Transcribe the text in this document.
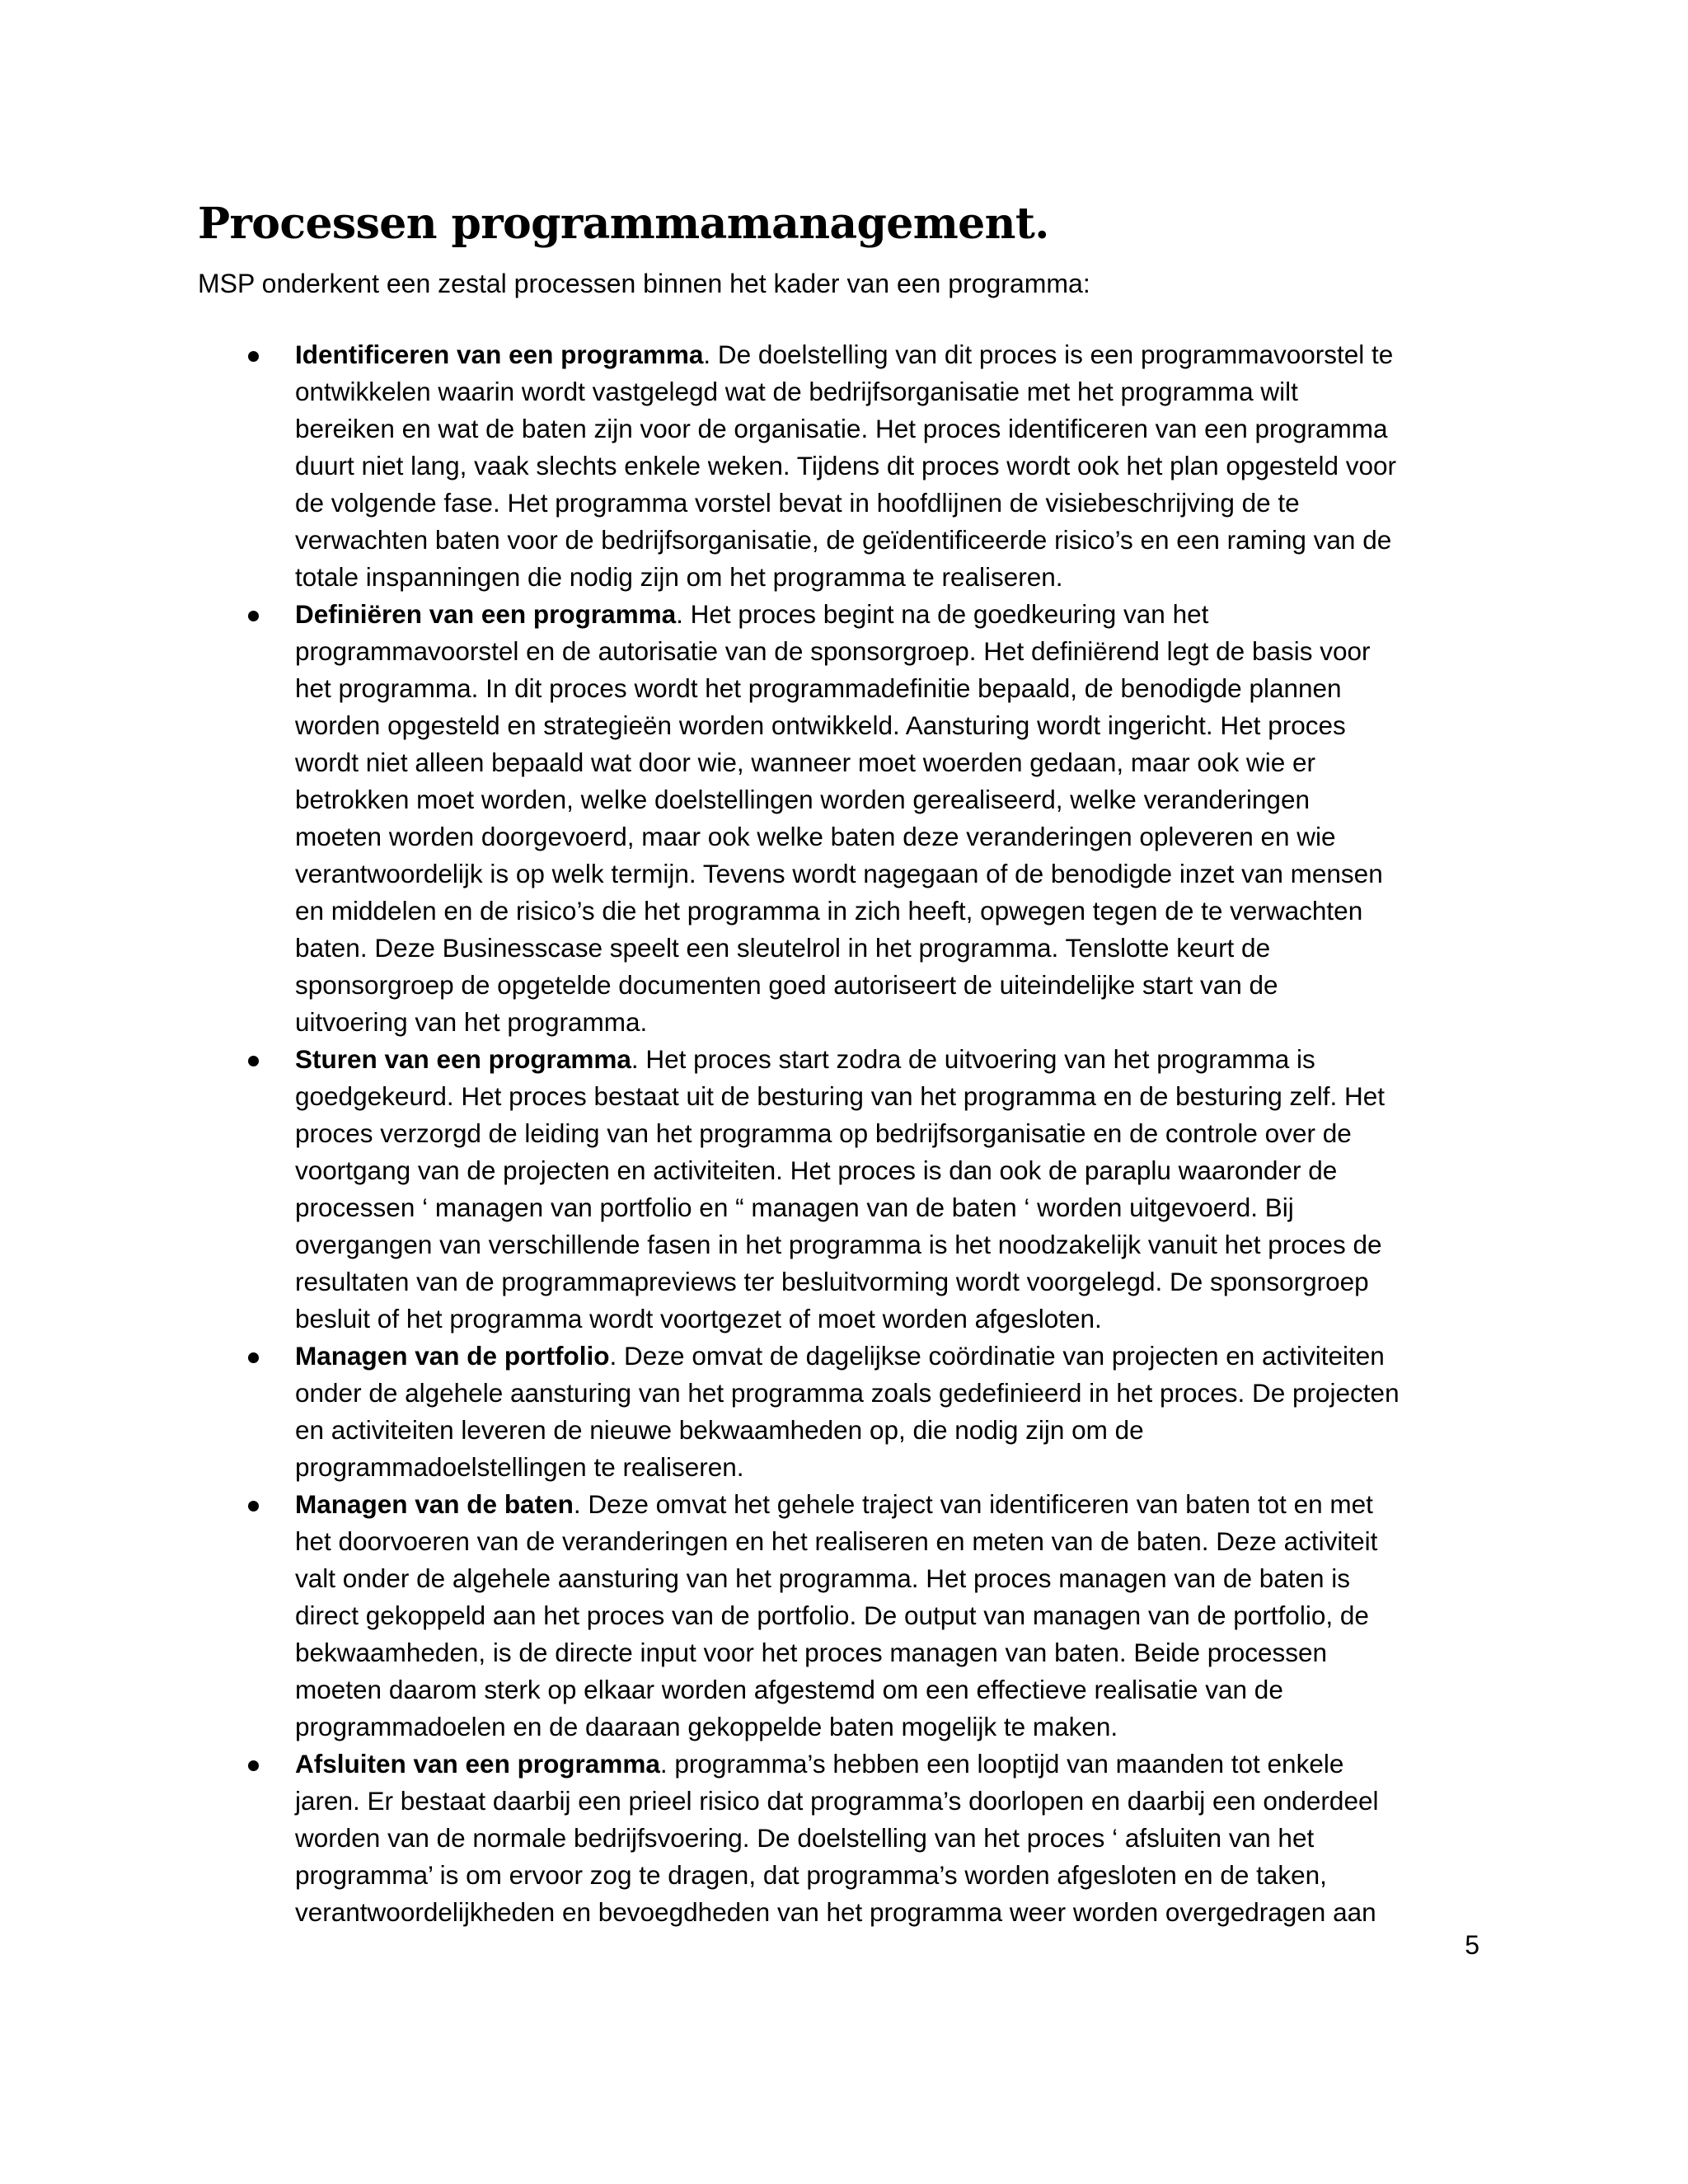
Processen programmamanagement.

MSP onderkent een zestal processen binnen het kader van een programma:

Identificeren van een programma. De doelstelling van dit proces is een programmavoorstel te
ontwikkelen waarin wordt vastgelegd wat de bedrijfsorganisatie met het programma wilt
bereiken en wat de baten zijn voor de organisatie. Het proces identificeren van een programma
duurt niet lang, vaak slechts enkele weken. Tijdens dit proces wordt ook het plan opgesteld voor
de volgende fase. Het programma vorstel bevat in hoofdlijnen de visiebeschrijving de te
verwachten baten voor de bedrijfsorganisatie, de geïdentificeerde risico’s en een raming van de
totale inspanningen die nodig zijn om het programma te realiseren.
Definiëren van een programma. Het proces begint na de goedkeuring van het
programmavoorstel en de autorisatie van de sponsorgroep. Het definiërend legt de basis voor
het programma. In dit proces wordt het programmadefinitie bepaald, de benodigde plannen
worden opgesteld en strategieën worden ontwikkeld. Aansturing wordt ingericht. Het proces
wordt niet alleen bepaald wat door wie, wanneer moet woerden gedaan, maar ook wie er
betrokken moet worden, welke doelstellingen worden gerealiseerd, welke veranderingen
moeten worden doorgevoerd, maar ook welke baten deze veranderingen opleveren en wie
verantwoordelijk is op welk termijn. Tevens wordt nagegaan of de benodigde inzet van mensen
en middelen en de risico’s die het programma in zich heeft, opwegen tegen de te verwachten
baten. Deze Businesscase speelt een sleutelrol in het programma. Tenslotte keurt de
sponsorgroep de opgetelde documenten goed autoriseert de uiteindelijke start van de
uitvoering van het programma.
Sturen van een programma. Het proces start zodra de uitvoering van het programma is
goedgekeurd. Het proces bestaat uit de besturing van het programma en de besturing zelf. Het
proces verzorgd de leiding van het programma op bedrijfsorganisatie en de controle over de
voortgang van de projecten en activiteiten. Het proces is dan ook de paraplu waaronder de
processen ‘ managen van portfolio en “ managen van de baten ‘ worden uitgevoerd. Bij
overgangen van verschillende fasen in het programma is het noodzakelijk vanuit het proces de
resultaten van de programmapreviews ter besluitvorming wordt voorgelegd. De sponsorgroep
besluit of het programma wordt voortgezet of moet worden afgesloten.
Managen van de portfolio. Deze omvat de dagelijkse coördinatie van projecten en activiteiten
onder de algehele aansturing van het programma zoals gedefinieerd in het proces. De projecten
en activiteiten leveren de nieuwe bekwaamheden op, die nodig zijn om de
programmadoelstellingen te realiseren.
Managen van de baten. Deze omvat het gehele traject van identificeren van baten tot en met
het doorvoeren van de veranderingen en het realiseren en meten van de baten. Deze activiteit
valt onder de algehele aansturing van het programma. Het proces managen van de baten is
direct gekoppeld aan het proces van de portfolio. De output van managen van de portfolio, de
bekwaamheden, is de directe input voor het proces managen van baten. Beide processen
moeten daarom sterk op elkaar worden afgestemd om een effectieve realisatie van de
programmadoelen en de daaraan gekoppelde baten mogelijk te maken.
Afsluiten van een programma. programma’s hebben een looptijd van maanden tot enkele
jaren. Er bestaat daarbij een prieel risico dat programma’s doorlopen en daarbij een onderdeel
worden van de normale bedrijfsvoering. De doelstelling van het proces ‘ afsluiten van het
programma’ is om ervoor zog te dragen, dat programma’s worden afgesloten en de taken,
verantwoordelijkheden en bevoegdheden van het programma weer worden overgedragen aan
5
